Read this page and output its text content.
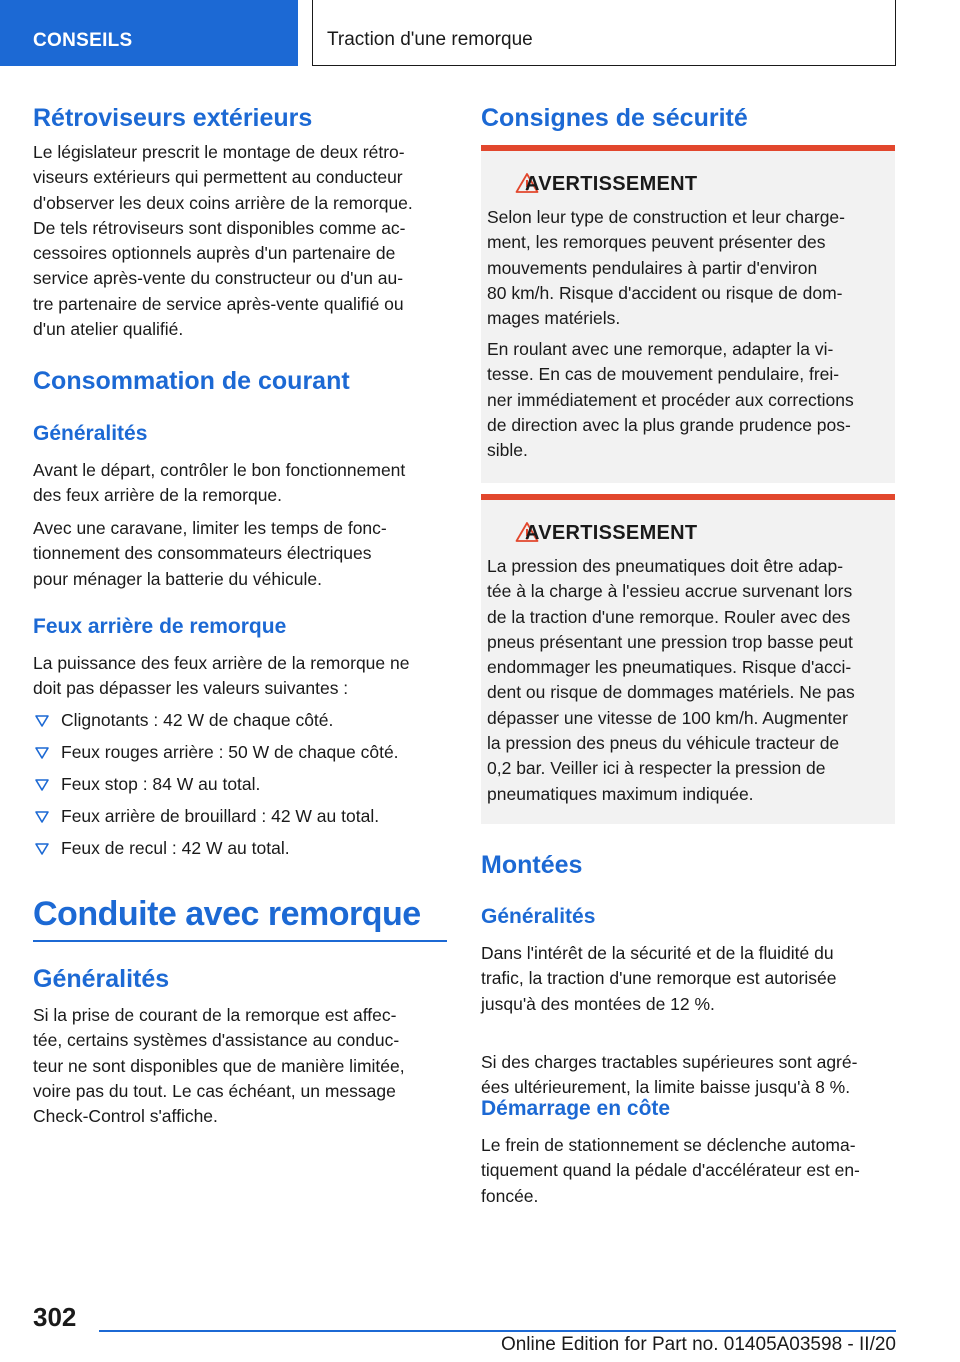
CONSEILS	Traction d'une remorque
Rétroviseurs extérieurs
Le législateur prescrit le montage de deux rétro-
viseurs extérieurs qui permettent au conducteur
d'observer les deux coins arrière de la remorque.
De tels rétroviseurs sont disponibles comme ac-
cessoires optionnels auprès d'un partenaire de
service après-vente du constructeur ou d'un au-
tre partenaire de service après-vente qualifié ou
d'un atelier qualifié.
Consommation de courant
Généralités
Avant le départ, contrôler le bon fonctionnement
des feux arrière de la remorque.
Avec une caravane, limiter les temps de fonc-
tionnement des consommateurs électriques
pour ménager la batterie du véhicule.
Feux arrière de remorque
La puissance des feux arrière de la remorque ne
doit pas dépasser les valeurs suivantes :
Clignotants : 42 W de chaque côté.
Feux rouges arrière : 50 W de chaque côté.
Feux stop : 84 W au total.
Feux arrière de brouillard : 42 W au total.
Feux de recul : 42 W au total.
Conduite avec remorque
Généralités
Si la prise de courant de la remorque est affec-
tée, certains systèmes d'assistance au conduc-
teur ne sont disponibles que de manière limitée,
voire pas du tout. Le cas échéant, un message
Check-Control s'affiche.
Consignes de sécurité
AVERTISSEMENT
Selon leur type de construction et leur charge-
ment, les remorques peuvent présenter des
mouvements pendulaires à partir d'environ
80 km/h. Risque d'accident ou risque de dom-
mages matériels.
En roulant avec une remorque, adapter la vi-
tesse. En cas de mouvement pendulaire, frei-
ner immédiatement et procéder aux corrections
de direction avec la plus grande prudence pos-
sible.
AVERTISSEMENT
La pression des pneumatiques doit être adap-
tée à la charge à l'essieu accrue survenant lors
de la traction d'une remorque. Rouler avec des
pneus présentant une pression trop basse peut
endommager les pneumatiques. Risque d'acci-
dent ou risque de dommages matériels. Ne pas
dépasser une vitesse de 100 km/h. Augmenter
la pression des pneus du véhicule tracteur de
0,2 bar. Veiller ici à respecter la pression de
pneumatiques maximum indiquée.
Montées
Généralités
Dans l'intérêt de la sécurité et de la fluidité du
trafic, la traction d'une remorque est autorisée
jusqu'à des montées de 12 %.
Si des charges tractables supérieures sont agré-
ées ultérieurement, la limite baisse jusqu'à 8 %.
Démarrage en côte
Le frein de stationnement se déclenche automa-
tiquement quand la pédale d'accélérateur est en-
foncée.
302
Online Edition for Part no. 01405A03598 - II/20
